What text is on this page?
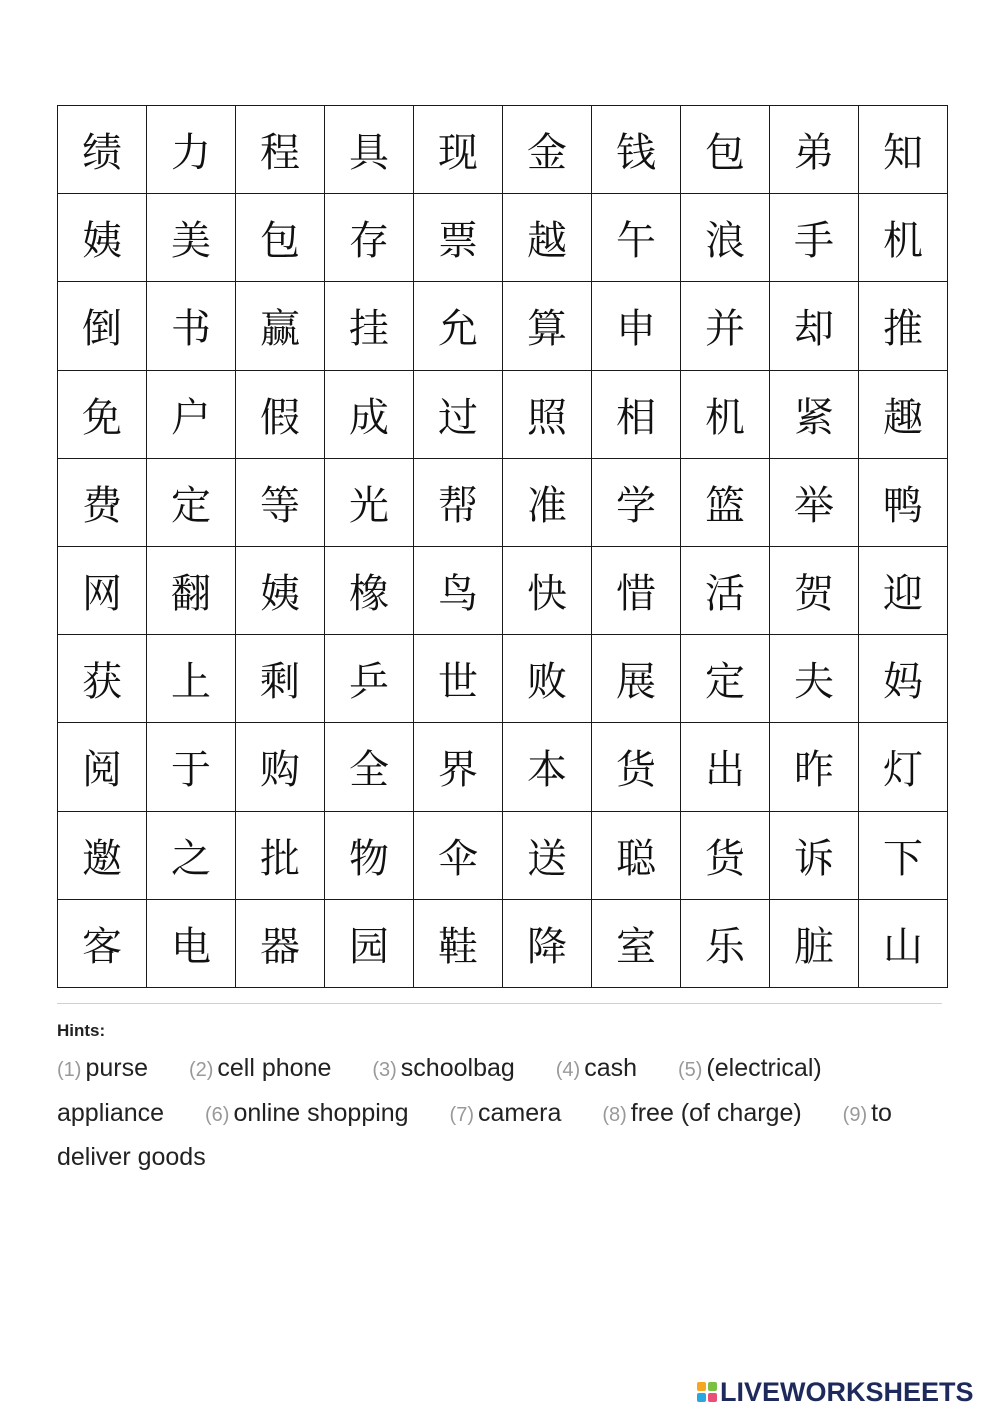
绩	力	程	具	现	金	钱	包	弟	知
姨	美	包	存	票	越	午	浪	手	机
倒	书	赢	挂	允	算	申	并	却	推
免	户	假	成	过	照	相	机	紧	趣
费	定	等	光	帮	准	学	篮	举	鸭
网	翻	姨	橡	鸟	快	惜	活	贺	迎
获	上	剩	乒	世	败	展	定	夫	妈
阅	于	购	全	界	本	货	出	昨	灯
邀	之	批	物	伞	送	聪	货	诉	下
客	电	器	园	鞋	降	室	乐	脏	山
Hints:
(1) purse (2) cell phone (3) schoolbag (4) cash (5) (electrical) appliance (6) online shopping (7) camera (8) free (of charge) (9) to deliver goods
LIVEWORKSHEETS
